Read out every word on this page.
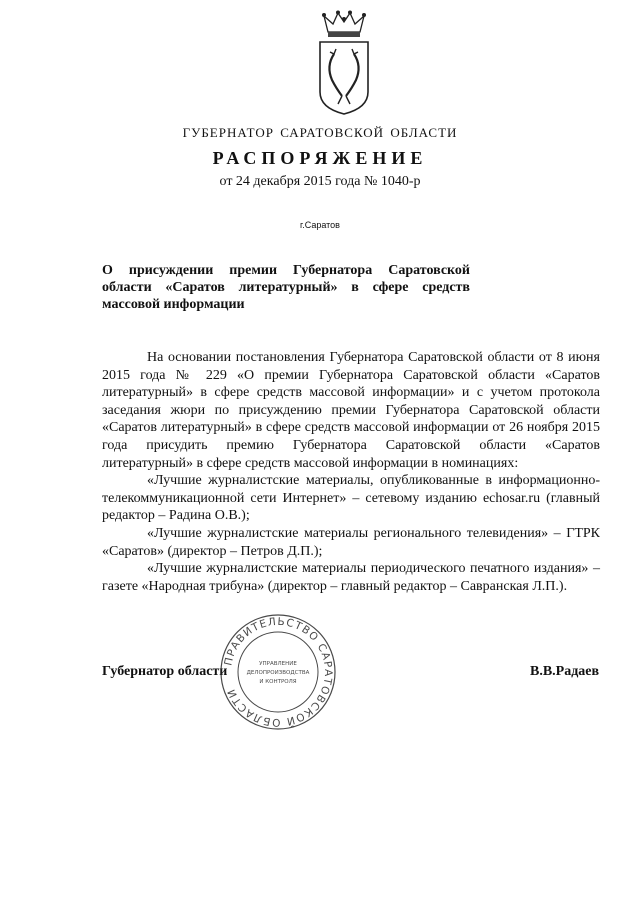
ГУБЕРНАТОР САРАТОВСКОЙ ОБЛАСТИ
РАСПОРЯЖЕНИЕ
от 24 декабря 2015 года № 1040-р
г.Саратов
О присуждении премии Губернатора Саратовской области «Саратов литературный» в сфере средств массовой информации

На основании постановления Губернатора Саратовской области от 8 июня 2015 года № 229 «О премии Губернатора Саратовской области «Саратов литературный» в сфере средств массовой информации» и с учетом протокола заседания жюри по присуждению премии Губернатора Саратовской области «Саратов литературный» в сфере средств массовой информации от 26 ноября 2015 года присудить премию Губернатора Саратовской области «Саратов литературный» в сфере средств массовой информации в номинациях:

«Лучшие журналистские материалы, опубликованные в информационно-телекоммуникационной сети Интернет» – сетевому изданию echosar.ru (главный редактор – Радина О.В.);

«Лучшие журналистские материалы регионального телевидения» – ГТРК «Саратов» (директор – Петров Д.П.);

«Лучшие журналистские материалы периодического печатного издания» – газете «Народная трибуна» (директор – главный редактор – Савранская Л.П.).

Губернатор области	В.В.Радаев
ПРАВИТЕЛЬСТВО САРАТОВСКОЙ ОБЛАСТИ
УПРАВЛЕНИЕ
ДЕЛОПРОИЗВОДСТВА
И КОНТРОЛЯ
